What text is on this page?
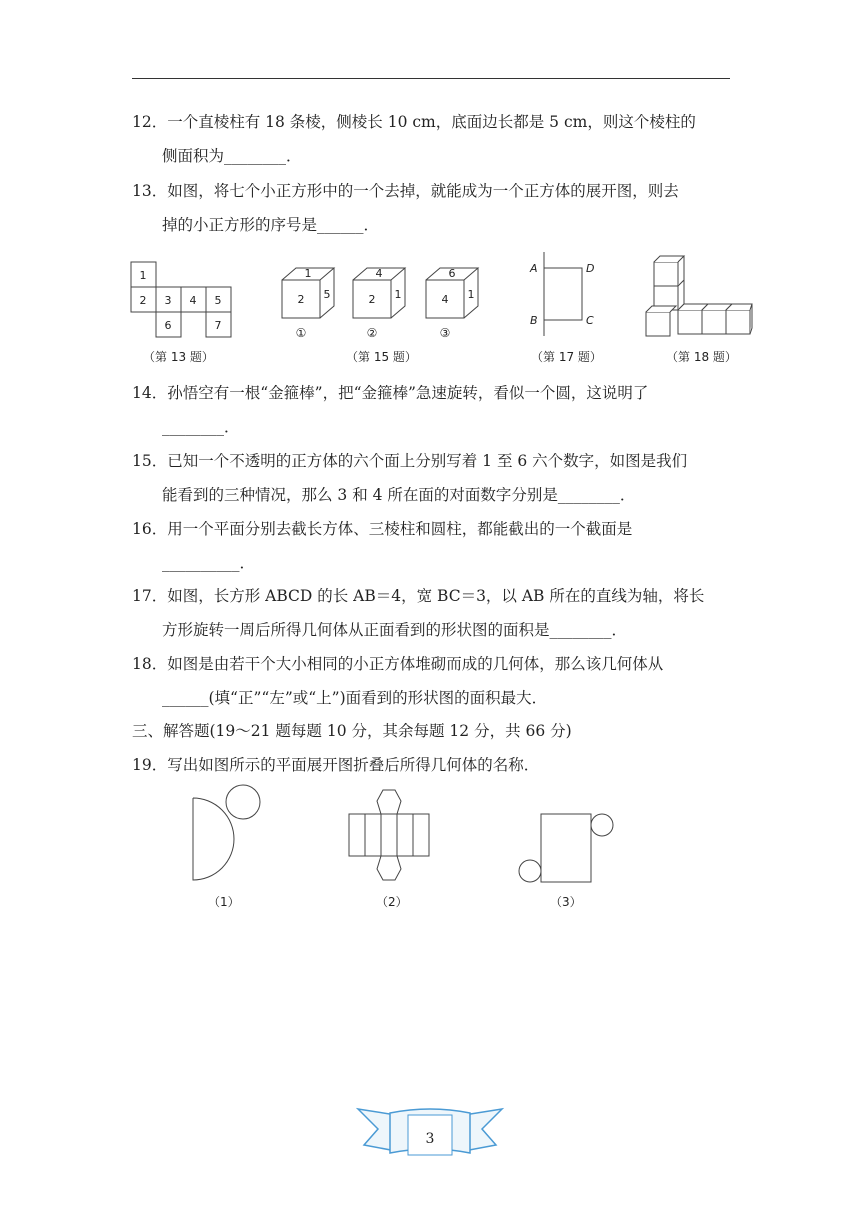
12．一个直棱柱有 18 条棱，侧棱长 10 cm，底面边长都是 5 cm，则这个棱柱的
侧面积为________．
13．如图，将七个小正方形中的一个去掉，就能成为一个正方体的展开图，则去
掉的小正方形的序号是______．
1
2 3 4 5
6	7
（第 13 题）
1
2 5
①
4
2 1
②
6
4 1
③
（第 15 题）
A	D
B	C
（第 17 题）	（第 18 题）
14．孙悟空有一根“金箍棒”，把“金箍棒”急速旋转，看似一个圆，这说明了
________．
15．已知一个不透明的正方体的六个面上分别写着 1 至 6 六个数字，如图是我们
能看到的三种情况，那么 3 和 4 所在面的对面数字分别是________．
16．用一个平面分别去截长方体、三棱柱和圆柱，都能截出的一个截面是
__________．
17．如图，长方形 ABCD 的长 AB＝4，宽 BC＝3，以 AB 所在的直线为轴，将长
方形旋转一周后所得几何体从正面看到的形状图的面积是________．
18．如图是由若干个大小相同的小正方体堆砌而成的几何体，那么该几何体从
______(填“正”“左”或“上”)面看到的形状图的面积最大．
三、解答题(19～21 题每题 10 分，其余每题 12 分，共 66 分)
19．写出如图所示的平面展开图折叠后所得几何体的名称．
（1）	（2）	（3）
3
